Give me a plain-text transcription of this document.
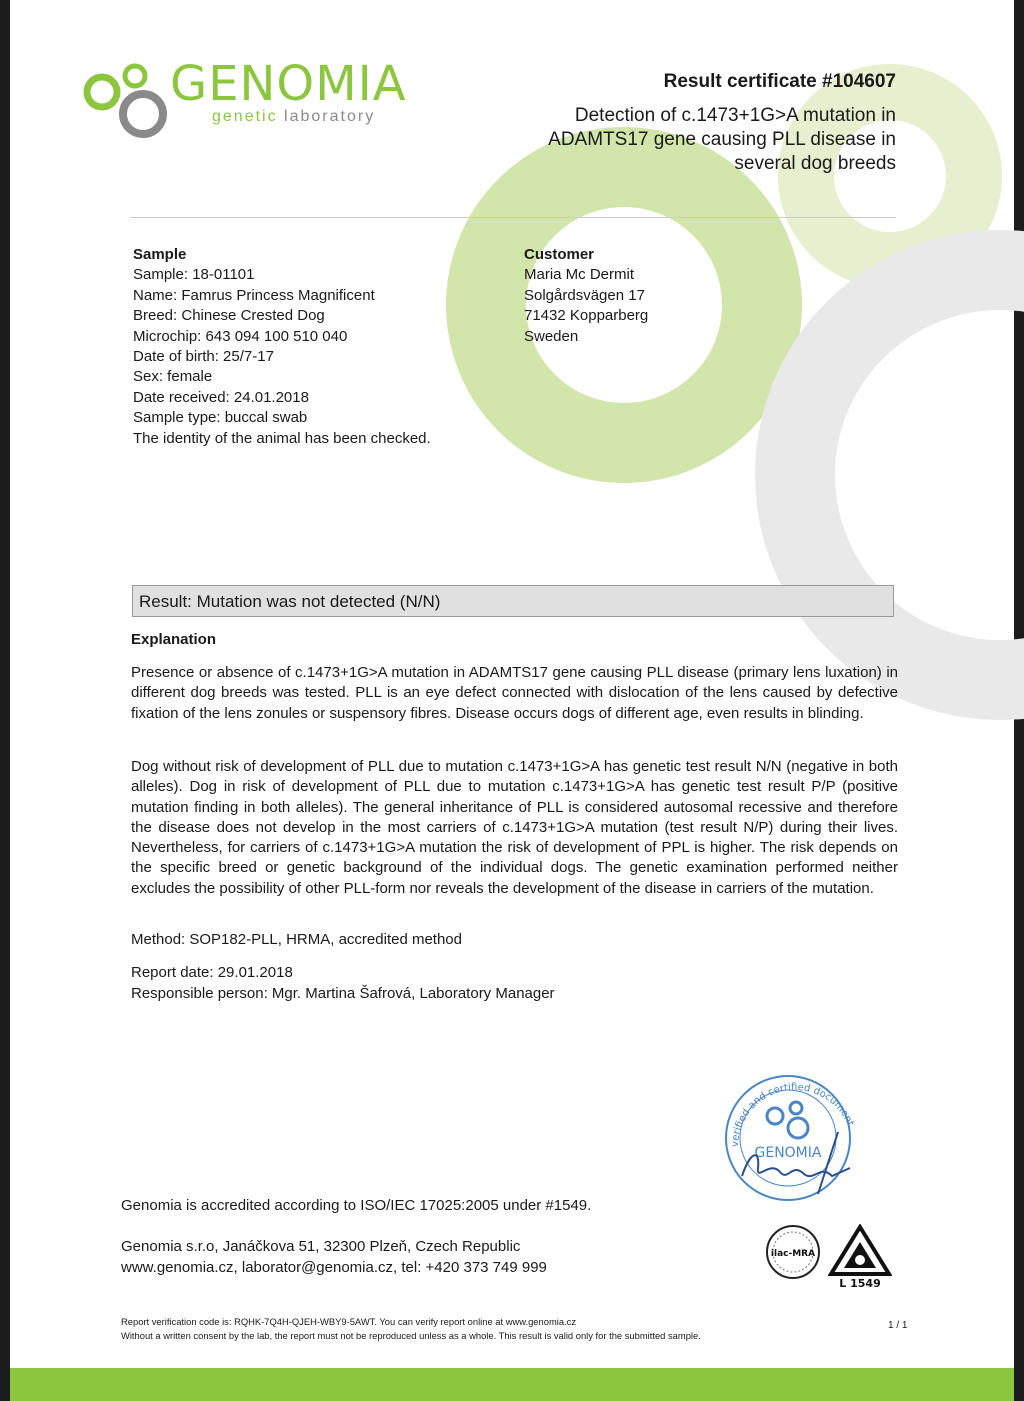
GENOMIA
genetic laboratory
Result certificate #104607
Detection of c.1473+1G>A mutation in ADAMTS17 gene causing PLL disease in several dog breeds
Sample
Sample: 18-01101
Name: Famrus Princess Magnificent
Breed: Chinese Crested Dog
Microchip: 643 094 100 510 040
Date of birth: 25/7-17
Sex: female
Date received: 24.01.2018
Sample type: buccal swab
The identity of the animal has been checked.
Customer
Maria Mc Dermit
Solgårdsvägen 17
71432 Kopparberg
Sweden
Result: Mutation was not detected (N/N)
Explanation
Presence or absence of c.1473+1G>A mutation in ADAMTS17 gene causing PLL disease (primary lens luxation) in different dog breeds was tested. PLL is an eye defect connected with dislocation of the lens caused by defective fixation of the lens zonules or suspensory fibres. Disease occurs dogs of different age, even results in blinding.
Dog without risk of development of PLL due to mutation c.1473+1G>A has genetic test result N/N (negative in both alleles). Dog in risk of development of PLL due to mutation c.1473+1G>A has genetic test result P/P (positive mutation finding in both alleles). The general inheritance of PLL is considered autosomal recessive and therefore the disease does not develop in the most carriers of c.1473+1G>A mutation (test result N/P) during their lives. Nevertheless, for carriers of c.1473+1G>A mutation the risk of development of PPL is higher. The risk depends on the specific breed or genetic background of the individual dogs. The genetic examination performed neither excludes the possibility of other PLL-form nor reveals the development of the disease in carriers of the mutation.
Method: SOP182-PLL, HRMA, accredited method
Report date: 29.01.2018
Responsible person: Mgr. Martina Šafrová, Laboratory Manager
verified and certified document
GENOMIA
Genomia is accredited according to ISO/IEC 17025:2005 under #1549.
Genomia s.r.o, Janáčkova 51, 32300 Plzeň, Czech Republic
www.genomia.cz, laborator@genomia.cz, tel: +420 373 749 999
ilac-MRA
L 1549
Report verification code is: RQHK-7Q4H-QJEH-WBY9-5AWT. You can verify report online at www.genomia.cz
Without a written consent by the lab, the report must not be reproduced unless as a whole. This result is valid only for the submitted sample.
1 / 1
